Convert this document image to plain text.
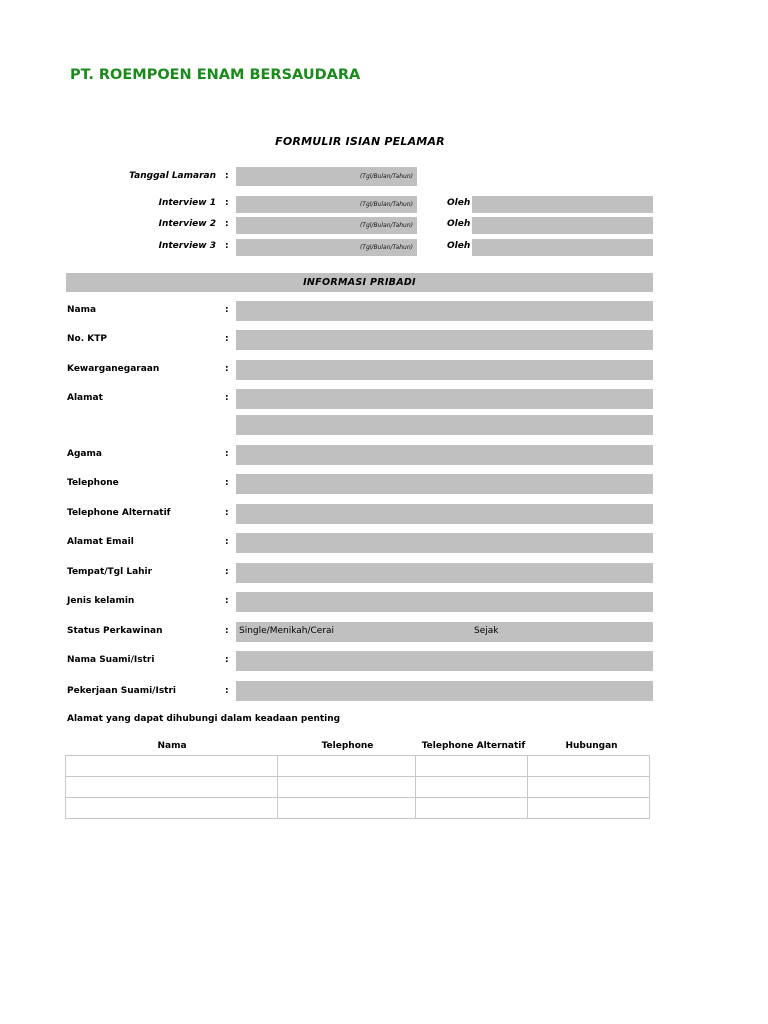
PT. ROEMPOEN ENAM BERSAUDARA
FORMULIR ISIAN PELAMAR
Tanggal Lamaran :	(Tgl/Bulan/Tahun)
Interview 1 :	(Tgl/Bulan/Tahun)	Oleh
Interview 2 :	(Tgl/Bulan/Tahun)	Oleh
Interview 3 :	(Tgl/Bulan/Tahun)	Oleh
INFORMASI PRIBADI
Nama	:
No. KTP	:
Kewarganegaraan	:
Alamat	:
Agama	:
Telephone	:
Telephone Alternatif	:
Alamat Email	:
Tempat/Tgl Lahir	:
Jenis kelamin	:
Status Perkawinan	:	Single/Menikah/Cerai	Sejak
Nama Suami/Istri	:
Pekerjaan Suami/Istri	:
Alamat yang dapat dihubungi dalam keadaan penting
Nama	Telephone	Telephone Alternatif	Hubungan
